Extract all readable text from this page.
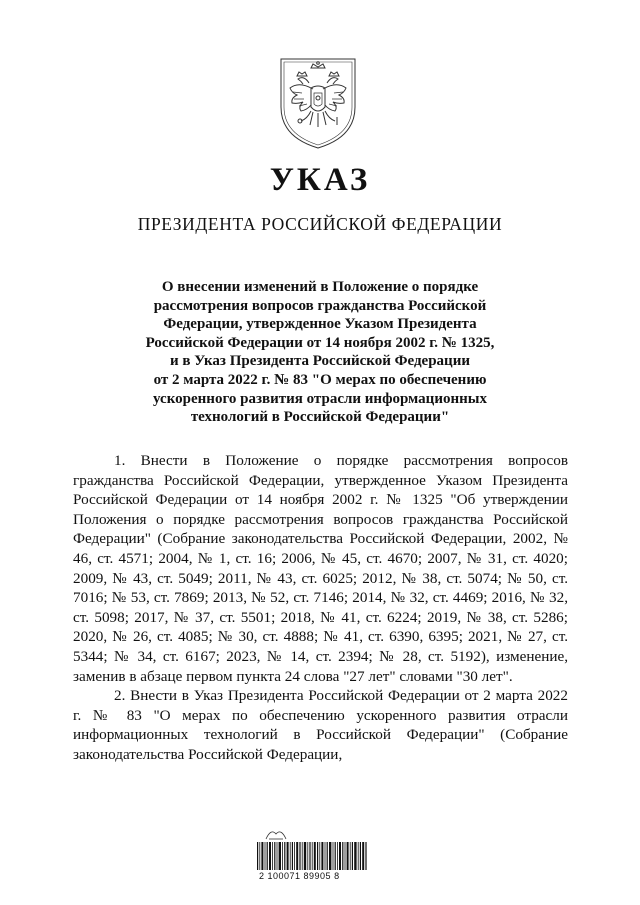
УКАЗ
ПРЕЗИДЕНТА РОССИЙСКОЙ ФЕДЕРАЦИИ
О внесении изменений в Положение о порядке
рассмотрения вопросов гражданства Российской
Федерации, утвержденное Указом Президента
Российской Федерации от 14 ноября 2002 г. № 1325,
и в Указ Президента Российской Федерации
от 2 марта 2022 г. № 83 "О мерах по обеспечению
ускоренного развития отрасли информационных
технологий в Российской Федерации"

1. Внести в Положение о порядке рассмотрения вопросов гражданства Российской Федерации, утвержденное Указом Президента Российской Федерации от 14 ноября 2002 г. № 1325 "Об утверждении Положения о порядке рассмотрения вопросов гражданства Российской Федерации" (Собрание законодательства Российской Федерации, 2002, № 46, ст. 4571; 2004, № 1, ст. 16; 2006, № 45, ст. 4670; 2007, № 31, ст. 4020; 2009, № 43, ст. 5049; 2011, № 43, ст. 6025; 2012, № 38, ст. 5074; № 50, ст. 7016; № 53, ст. 7869; 2013, № 52, ст. 7146; 2014, № 32, ст. 4469; 2016, № 32, ст. 5098; 2017, № 37, ст. 5501; 2018, № 41, ст. 6224; 2019, № 38, ст. 5286; 2020, № 26, ст. 4085; № 30, ст. 4888; № 41, ст. 6390, 6395; 2021, № 27, ст. 5344; № 34, ст. 6167; 2023, № 14, ст. 2394; № 28, ст. 5192), изменение, заменив в абзаце первом пункта 24 слова "27 лет" словами "30 лет".

2. Внести в Указ Президента Российской Федерации от 2 марта 2022 г. № 83 "О мерах по обеспечению ускоренного развития отрасли информационных технологий в Российской Федерации" (Собрание законодательства Российской Федерации,

2 100071 89905 8
